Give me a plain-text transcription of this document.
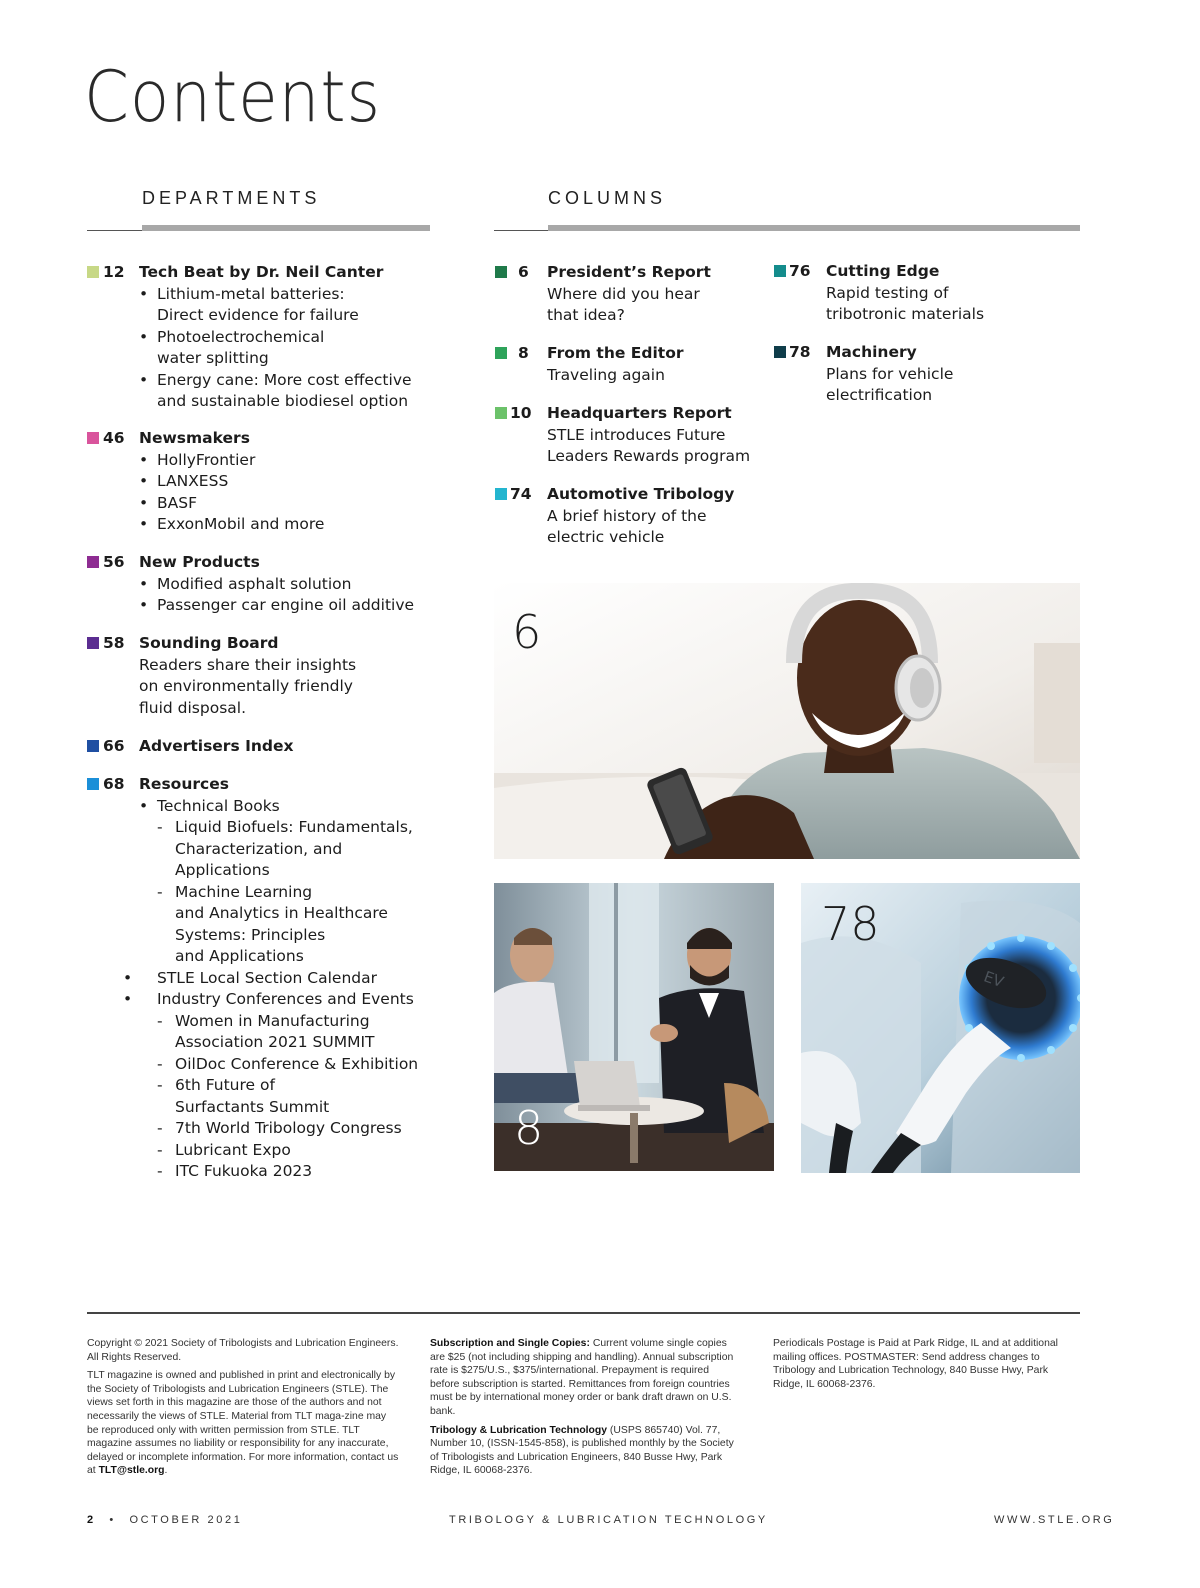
Contents
DEPARTMENTS	COLUMNS
12 Tech Beat by Dr. Neil Canter
• Lithium-metal batteries:
Direct evidence for failure
• Photoelectrochemical
water splitting
• Energy cane: More cost effective
and sustainable biodiesel option
46 Newsmakers
• HollyFrontier
• LANXESS
• BASF
• ExxonMobil and more
56 New Products
• Modified asphalt solution
• Passenger car engine oil additive
58 Sounding Board
Readers share their insights
on environmentally friendly
fluid disposal.
66 Advertisers Index
68 Resources
• Technical Books
- Liquid Biofuels: Fundamentals,
Characterization, and
Applications
- Machine Learning
and Analytics in Healthcare
Systems: Principles
and Applications
• STLE Local Section Calendar
• Industry Conferences and Events
- Women in Manufacturing
Association 2021 SUMMIT
- OilDoc Conference & Exhibition
- 6th Future of
Surfactants Summit
- 7th World Tribology Congress
- Lubricant Expo
- ITC Fukuoka 2023
6 President’s Report
Where did you hear
that idea?
8 From the Editor
Traveling again
10 Headquarters Report
STLE introduces Future
Leaders Rewards program
74 Automotive Tribology
A brief history of the
electric vehicle
76 Cutting Edge
Rapid testing of
tribotronic materials
78 Machinery
Plans for vehicle
electrification
6
8
EV
78

Copyright © 2021 Society of Tribologists and Lubrication Engineers. All Rights Reserved.

TLT magazine is owned and published in print and electronically by the Society of Tribologists and Lubrication Engineers (STLE). The views set forth in this magazine are those of the authors and not necessarily the views of STLE. Material from TLT maga-zine may be reproduced only with written permission from STLE. TLT magazine assumes no liability or responsibility for any inaccurate, delayed or incomplete information. For more information, contact us at TLT@stle.org.

Subscription and Single Copies: Current volume single copies are $25 (not including shipping and handling). Annual subscription rate is $275/U.S., $375/international. Prepayment is required before subscription is started. Remittances from foreign countries must be by international money order or bank draft drawn on U.S. bank.

Tribology & Lubrication Technology (USPS 865740) Vol. 77, Number 10, (ISSN-1545-858), is published monthly by the Society of Tribologists and Lubrication Engineers, 840 Busse Hwy, Park Ridge, IL 60068-2376.

Periodicals Postage is Paid at Park Ridge, IL and at additional mailing offices. POSTMASTER: Send address changes to Tribology and Lubrication Technology, 840 Busse Hwy, Park Ridge, IL 60068-2376.

2 • OCTOBER 2021	TRIBOLOGY & LUBRICATION TECHNOLOGY	WWW.STLE.ORG
